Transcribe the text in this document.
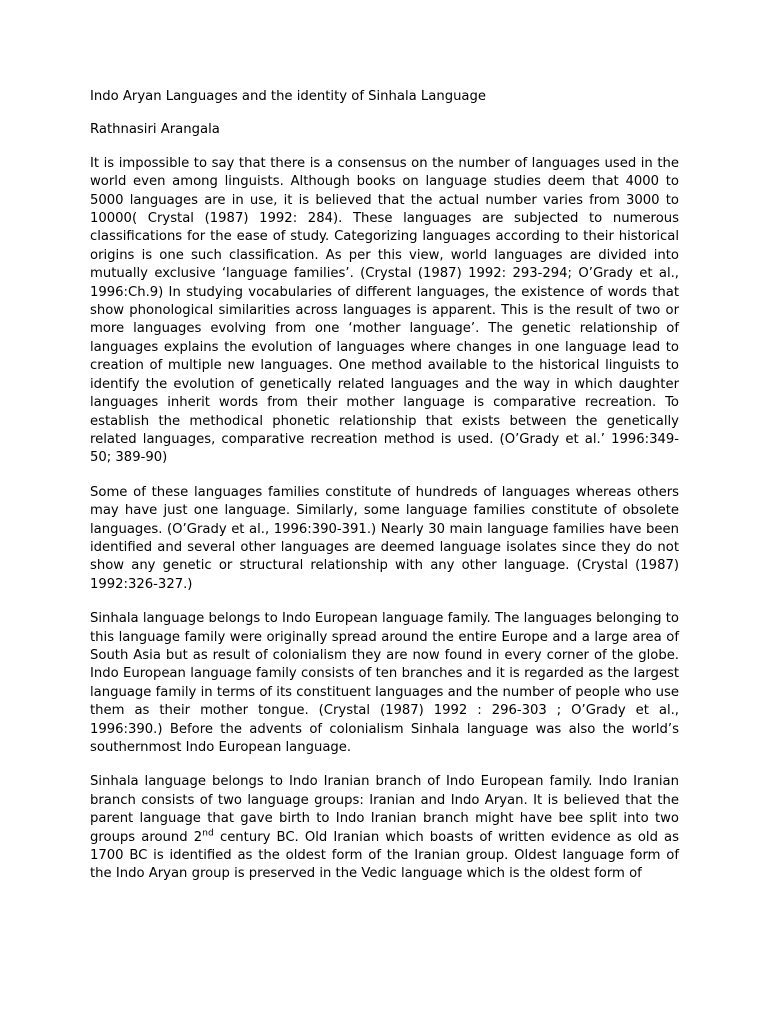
Indo Aryan Languages and the identity of Sinhala Language
Rathnasiri Arangala

It is impossible to say that there is a consensus on the number of languages used in the world even among linguists. Although books on language studies deem that 4000 to 5000 languages are in use, it is believed that the actual number varies from 3000 to 10000( Crystal (1987) 1992: 284). These languages are subjected to numerous classifications for the ease of study. Categorizing languages according to their historical origins is one such classification. As per this view, world languages are divided into mutually exclusive ‘language families’. (Crystal (1987) 1992: 293-294; O’Grady et al., 1996:Ch.9) In studying vocabularies of different languages, the existence of words that show phonological similarities across languages is apparent. This is the result of two or more languages evolving from one ‘mother language’. The genetic relationship of languages explains the evolution of languages where changes in one language lead to creation of multiple new languages. One method available to the historical linguists to identify the evolution of genetically related languages and the way in which daughter languages inherit words from their mother language is comparative recreation. To establish the methodical phonetic relationship that exists between the genetically related languages, comparative recreation method is used. (O’Grady et al.’ 1996:349-50; 389-90)

Some of these languages families constitute of hundreds of languages whereas others may have just one language. Similarly, some language families constitute of obsolete languages. (O’Grady et al., 1996:390-391.) Nearly 30 main language families have been identified and several other languages are deemed language isolates since they do not show any genetic or structural relationship with any other language. (Crystal (1987) 1992:326-327.)

Sinhala language belongs to Indo European language family. The languages belonging to this language family were originally spread around the entire Europe and a large area of South Asia but as result of colonialism they are now found in every corner of the globe. Indo European language family consists of ten branches and it is regarded as the largest language family in terms of its constituent languages and the number of people who use them as their mother tongue. (Crystal (1987) 1992 : 296-303 ; O’Grady et al., 1996:390.) Before the advents of colonialism Sinhala language was also the world’s southernmost Indo European language.

Sinhala language belongs to Indo Iranian branch of Indo European family. Indo Iranian branch consists of two language groups: Iranian and Indo Aryan. It is believed that the parent language that gave birth to Indo Iranian branch might have bee split into two groups around 2nd century BC. Old Iranian which boasts of written evidence as old as 1700 BC is identified as the oldest form of the Iranian group. Oldest language form of the Indo Aryan group is preserved in the Vedic language which is the oldest form of
